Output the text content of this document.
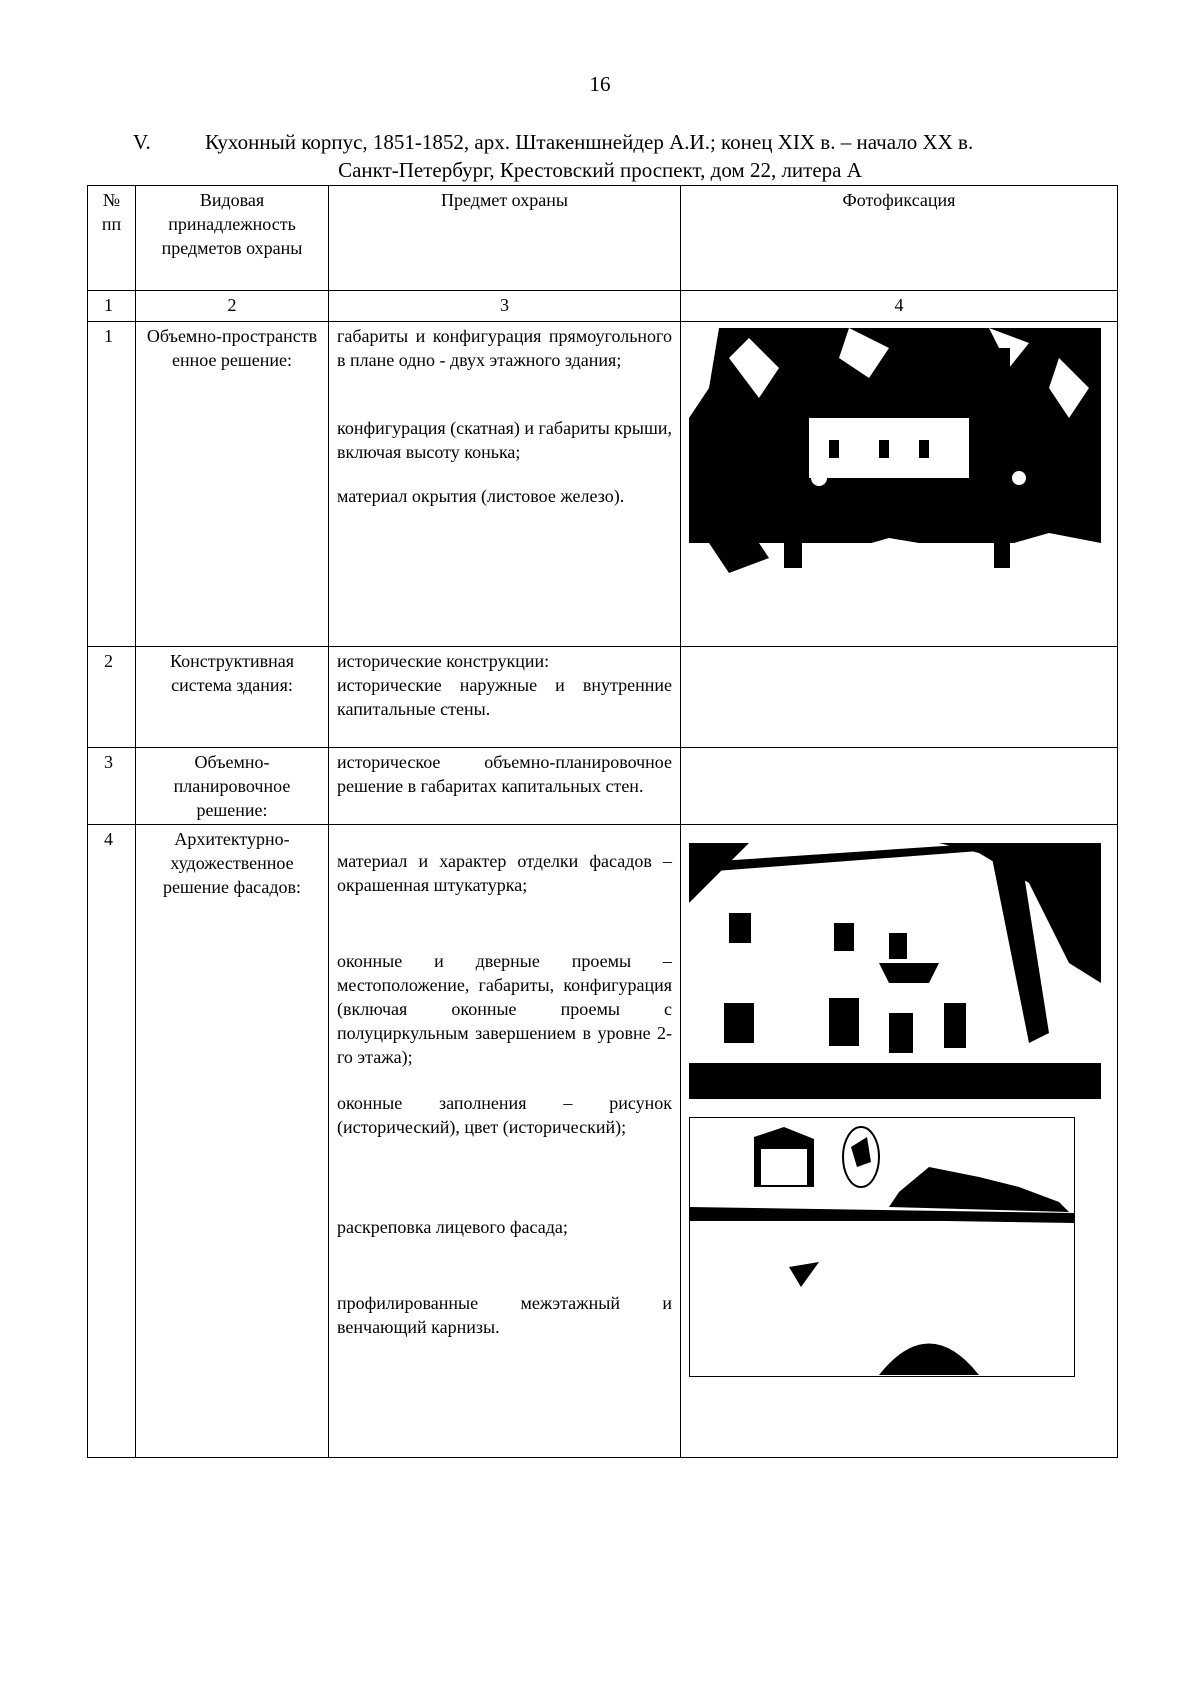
16
V.	Кухонный корпус, 1851-1852, арх. Штакеншнейдер А.И.; конец XIX в. – начало XX в.
Санкт-Петербург, Крестовский проспект, дом 22, литера А
№ пп	Видовая принадлежность предметов охраны	Предмет охраны	Фотофиксация
1	2	3	4
1	Объемно-пространственное решение:	габариты и конфигурация прямоугольного в плане одно - двух этажного здания;
конфигурация (скатная) и габариты крыши, включая высоту конька;
материал окрытия (листовое железо).

2	Конструктивная система здания:	исторические конструкции:
исторические наружные и внутренние капитальные стены.	

3	Объемно-планировочное решение:	историческое объемно-планировочное решение в габаритах капитальных стен.	

4	Архитектурно-художественное решение фасадов:	материал и характер отделки фасадов – окрашенная штукатурка;
оконные и дверные проемы – местоположение, габариты, конфигурация (включая оконные проемы с полуциркульным завершением в уровне 2-го этажа);
оконные заполнения – рисунок (исторический), цвет (исторический);
раскреповка лицевого фасада;
профилированные межэтажный и венчающий карнизы.
